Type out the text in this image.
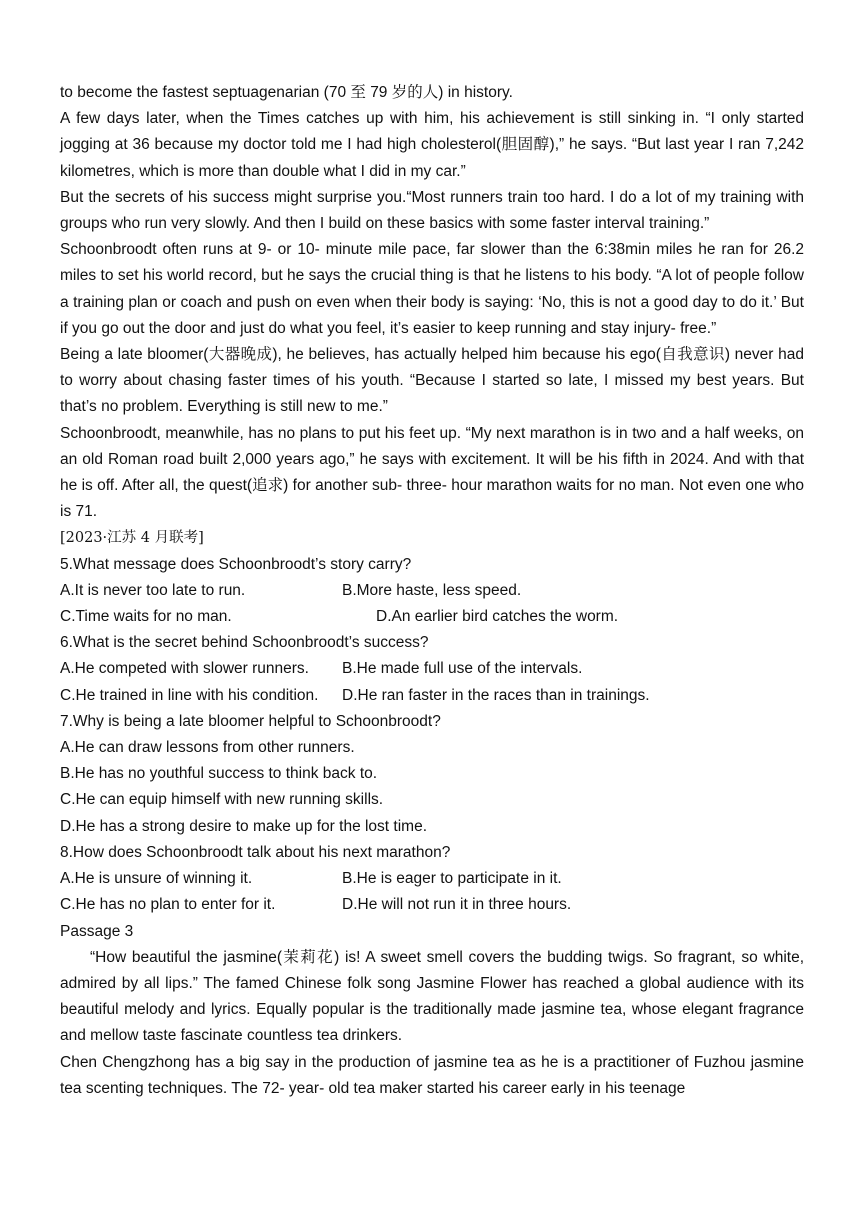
to become the fastest septuagenarian (70 至 79 岁的人) in history.

A few days later, when the Times catches up with him, his achievement is still sinking in. “I only started jogging at 36 because my doctor told me I had high cholesterol(胆固醇),” he says. “But last year I ran 7,242 kilometres, which is more than double what I did in my car.”

But the secrets of his success might surprise you.“Most runners train too hard. I do a lot of my training with groups who run very slowly. And then I build on these basics with some faster interval training.”

Schoonbroodt often runs at 9‐ or 10‐ minute mile pace, far slower than the 6:38min miles he ran for 26.2 miles to set his world record, but he says the crucial thing is that he listens to his body. “A lot of people follow a training plan or coach and push on even when their body is saying: ‘No, this is not a good day to do it.’ But if you go out the door and just do what you feel, it’s easier to keep running and stay injury‐ free.”

Being a late bloomer(大器晚成), he believes, has actually helped him because his ego(自我意识) never had to worry about chasing faster times of his youth. “Because I started so late, I missed my best years. But that’s no problem. Everything is still new to me.”

Schoonbroodt, meanwhile, has no plans to put his feet up. “My next marathon is in two and a half weeks, on an old Roman road built 2,000 years ago,” he says with excitement. It will be his fifth in 2024. And with that he is off. After all, the quest(追求) for another sub‐ three‐ hour marathon waits for no man. Not even one who is 71.

[2023·江苏 4 月联考]

5.What message does Schoonbroodt’s story carry?

A.It is never too late to run.	B.More haste, less speed.
C.Time waits for no man.	D.An earlier bird catches the worm.

6.What is the secret behind Schoonbroodt’s success?

A.He competed with slower runners.	B.He made full use of the intervals.
C.He trained in line with his condition.	D.He ran faster in the races than in trainings.

7.Why is being a late bloomer helpful to Schoonbroodt?

A.He can draw lessons from other runners.

B.He has no youthful success to think back to.

C.He can equip himself with new running skills.

D.He has a strong desire to make up for the lost time.

8.How does Schoonbroodt talk about his next marathon?

A.He is unsure of winning it.	B.He is eager to participate in it.
C.He has no plan to enter for it.	D.He will not run it in three hours.

Passage 3

“How beautiful the jasmine(茉莉花) is! A sweet smell covers the budding twigs. So fragrant, so white, admired by all lips.” The famed Chinese folk song Jasmine Flower has reached a global audience with its beautiful melody and lyrics. Equally popular is the traditionally made jasmine tea, whose elegant fragrance and mellow taste fascinate countless tea drinkers.

Chen Chengzhong has a big say in the production of jasmine tea as he is a practitioner of Fuzhou jasmine tea scenting techniques. The 72‐ year‐ old tea maker started his career early in his teenage
